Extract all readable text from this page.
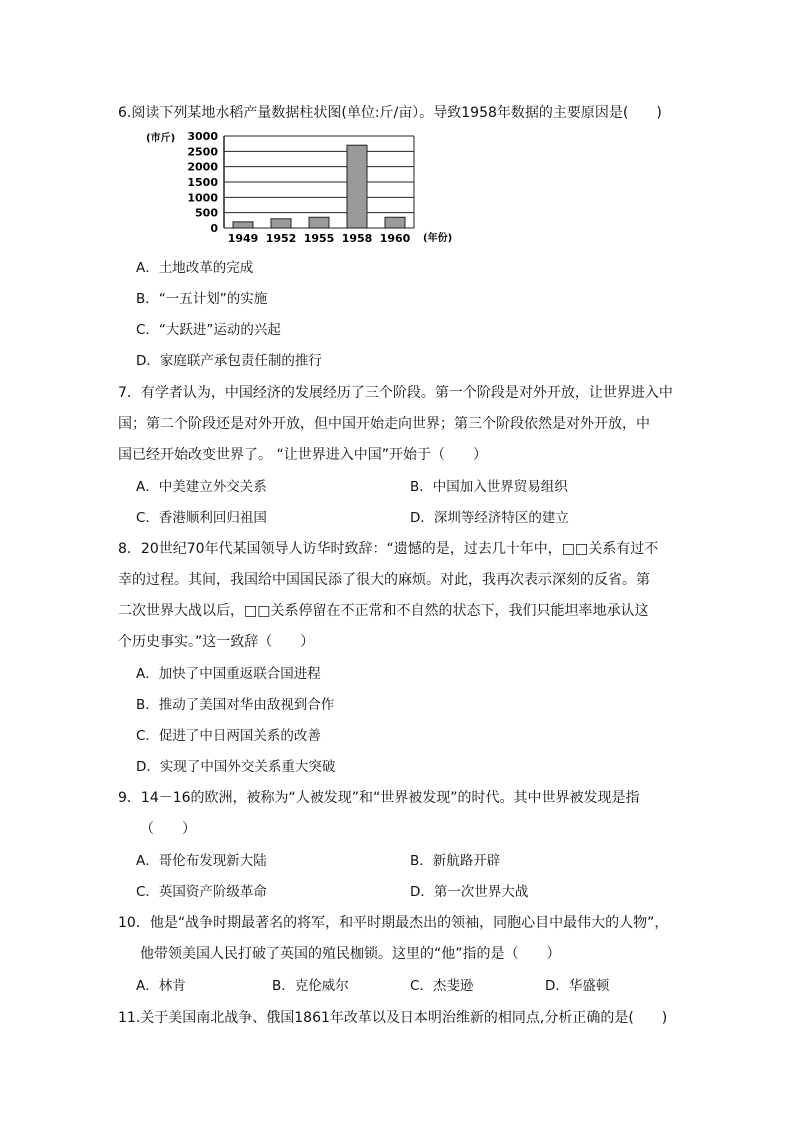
6.阅读下列某地水稻产量数据柱状图(单位:斤/亩）。导致1958年数据的主要原因是(　　)
0
500
1000
1500
2000
2500
3000
1949 1952 1955 1958 1960
(市斤)
(年份)
A．土地改革的完成
B．“一五计划”的实施
C．“大跃进”运动的兴起
D．家庭联产承包责任制的推行
7．有学者认为，中国经济的发展经历了三个阶段。第一个阶段是对外开放，让世界进入中
国；第二个阶段还是对外开放，但中国开始走向世界；第三个阶段依然是对外开放，中
国已经开始改变世界了。 “让世界进入中国”开始于（　　）
A．中美建立外交关系	B．中国加入世界贸易组织
C．香港顺利回归祖国	D．深圳等经济特区的建立
8．20世纪70年代某国领导人访华时致辞：“遗憾的是，过去几十年中，□□关系有过不
幸的过程。其间，我国给中国国民添了很大的麻烦。对此，我再次表示深刻的反省。第
二次世界大战以后，□□关系停留在不正常和不自然的状态下，我们只能坦率地承认这
个历史事实。”这一致辞（　　）
A．加快了中国重返联合国进程
B．推动了美国对华由敌视到合作
C．促进了中日两国关系的改善
D．实现了中国外交关系重大突破
9．14－16的欧洲，被称为“人被发现”和“世界被发现”的时代。其中世界被发现是指
（　　）
A．哥伦布发现新大陆	B．新航路开辟
C．英国资产阶级革命	D．第一次世界大战
10．他是“战争时期最著名的将军，和平时期最杰出的领袖，同胞心目中最伟大的人物”，
他带领美国人民打破了英国的殖民枷锁。这里的“他”指的是（　　）
A．林肯	B．克伦威尔	C．杰斐逊	D．华盛顿
11.关于美国南北战争、俄国1861年改革以及日本明治维新的相同点,分析正确的是(　　)
